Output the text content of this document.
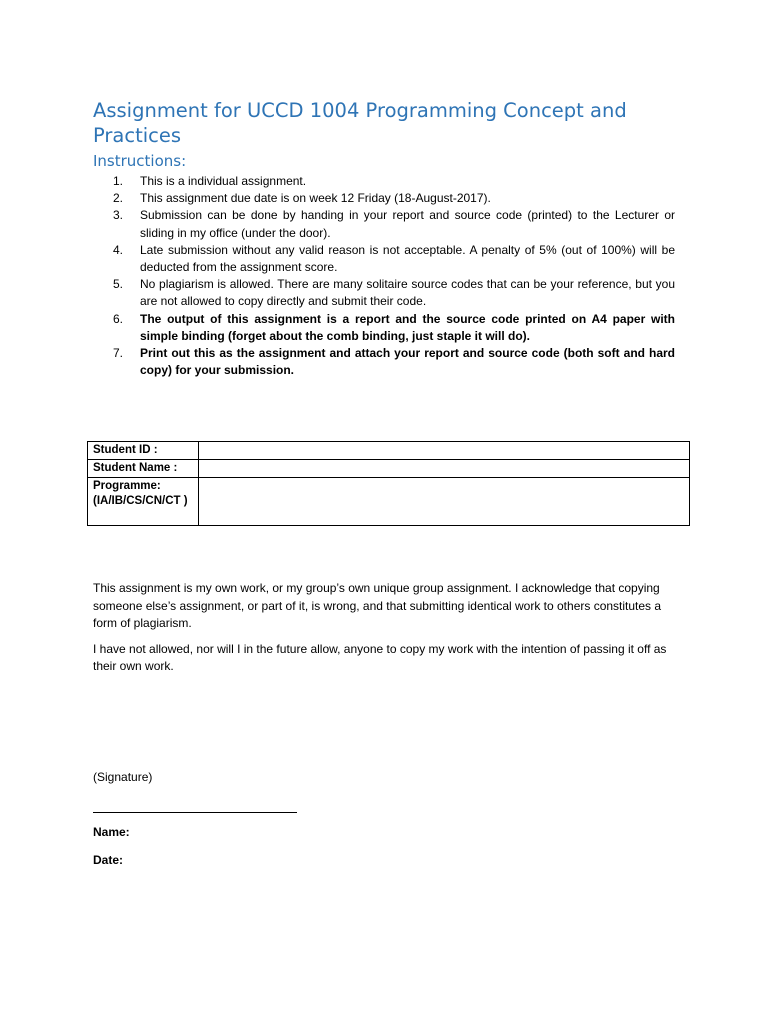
Assignment for UCCD 1004 Programming Concept and Practices
Instructions:
1.	This is a individual assignment.
2.	This assignment due date is on week 12 Friday (18-August-2017).
3.	Submission can be done by handing in your report and source code (printed) to the Lecturer or sliding in my office (under the door).
4.	Late submission without any valid reason is not acceptable. A penalty of 5% (out of 100%) will be deducted from the assignment score.
5.	No plagiarism is allowed. There are many solitaire source codes that can be your reference, but you are not allowed to copy directly and submit their code.
6.	The output of this assignment is a report and the source code printed on A4 paper with simple binding (forget about the comb binding, just staple it will do).
7.	Print out this as the assignment and attach your report and source code (both soft and hard copy) for your submission.
Student ID :	
Student Name :	
Programme: (IA/IB/CS/CN/CT )	

This assignment is my own work, or my group’s own unique group assignment. I acknowledge that copying someone else’s assignment, or part of it, is wrong, and that submitting identical work to others constitutes a form of plagiarism.

I have not allowed, nor will I in the future allow, anyone to copy my work with the intention of passing it off as their own work.

(Signature)
Name:
Date:
